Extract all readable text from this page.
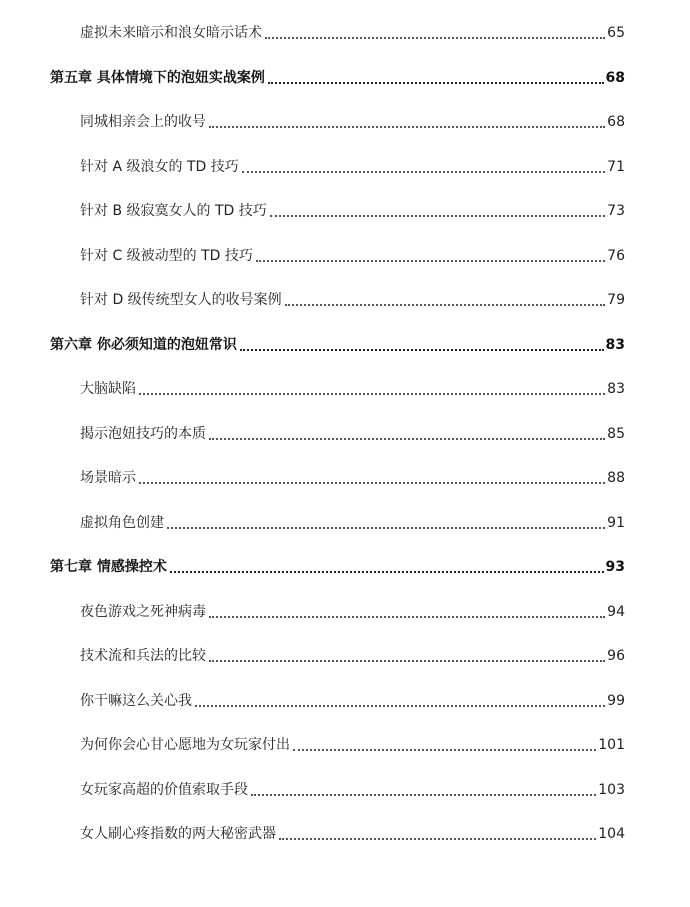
虚拟未来暗示和浪女暗示话术	65
第五章 具体情境下的泡妞实战案例	68
同城相亲会上的收号	68
针对 A 级浪女的 TD 技巧	71
针对 B 级寂寞女人的 TD 技巧	73
针对 C 级被动型的 TD 技巧	76
针对 D 级传统型女人的收号案例	79
第六章 你必须知道的泡妞常识	83
大脑缺陷	83
揭示泡妞技巧的本质	85
场景暗示	88
虚拟角色创建	91
第七章 情感操控术	93
夜色游戏之死神病毒	94
技术流和兵法的比较	96
你干嘛这么关心我	99
为何你会心甘心愿地为女玩家付出	101
女玩家高超的价值索取手段	103
女人刷心疼指数的两大秘密武器	104
